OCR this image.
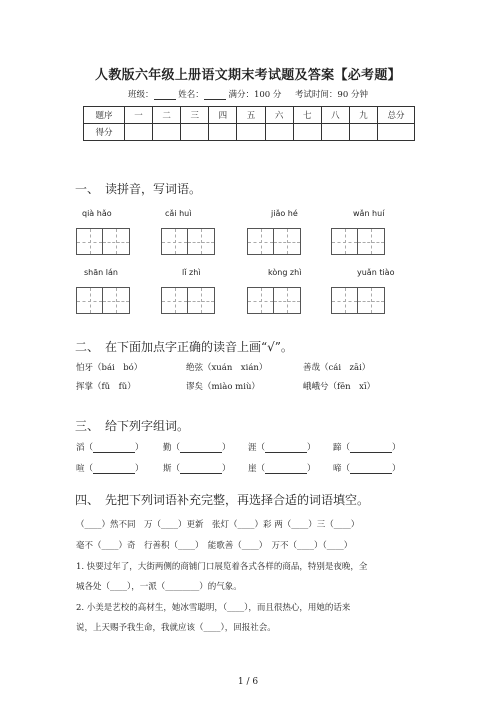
人教版六年级上册语文期末考试题及答案【必考题】
班级：	姓名：	满分：100 分 考试时间：90 分钟
题序	一	二	三	四	五	六	七	八	九	总分
得分										
一、　读拼音，写词语。
qià hǎo	cǎi huì	jiǎo hé	wǎn huí
shān lán	lǐ zhì	kòng zhì	yuǎn tiào
二、　在下面加点字正确的读音上画“√”。
怕牙（bái　bó）	绝弦（xuán　xián）	善哉（cái　zāi）
挥掌（fǔ　fǔ）	谬矣（miào miù）	峨峨兮（fēn　xī）
三、　给下列字组词。
滔（	） 勤（	） 涯（	） 蹄（	）
喧（	） 斯（	） 崖（	） 啼（	）
四、　先把下列词语补充完整，再选择合适的词语填空。
（____）然不同　万（____）更新　张灯（____）彩 两（____）三（____）
毫不（____）奇　行善积（____）　能歌善（____）　万不（____）（____）
1. 快要过年了，大街两侧的商铺门口展览着各式各样的商品，特别是夜晚，全
城各处（____），一派（________）的气象。
2. 小美是艺校的高材生，她冰雪聪明，（____），而且很热心，用她的话来
说，上天赐予我生命，我就应该（____），回报社会。
1 / 6
